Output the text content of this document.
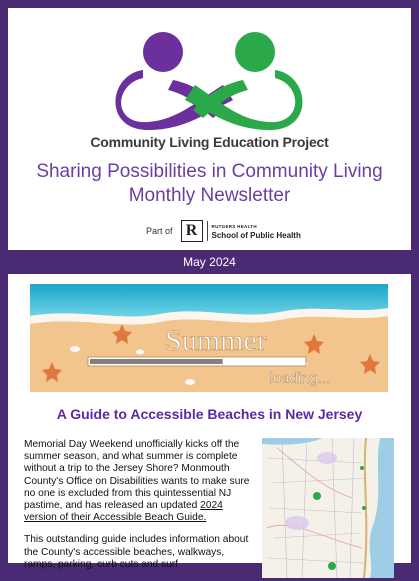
Community Living Education Project
Sharing Possibilities in Community Living
Monthly Newsletter
Part of R	RUTGERS HEALTH
School of Public Health
May 2024
Summer
loading...
A Guide to Accessible Beaches in New Jersey

Memorial Day Weekend unofficially kicks off the summer season, and what summer is complete without a trip to the Jersey Shore? Monmouth County's Office on Disabilities wants to make sure no one is excluded from this quintessential NJ pastime, and has released an updated 2024 version of their Accessible Beach Guide.

This outstanding guide includes information about the County's accessible beaches, walkways, ramps, parking, curb cuts and surf
